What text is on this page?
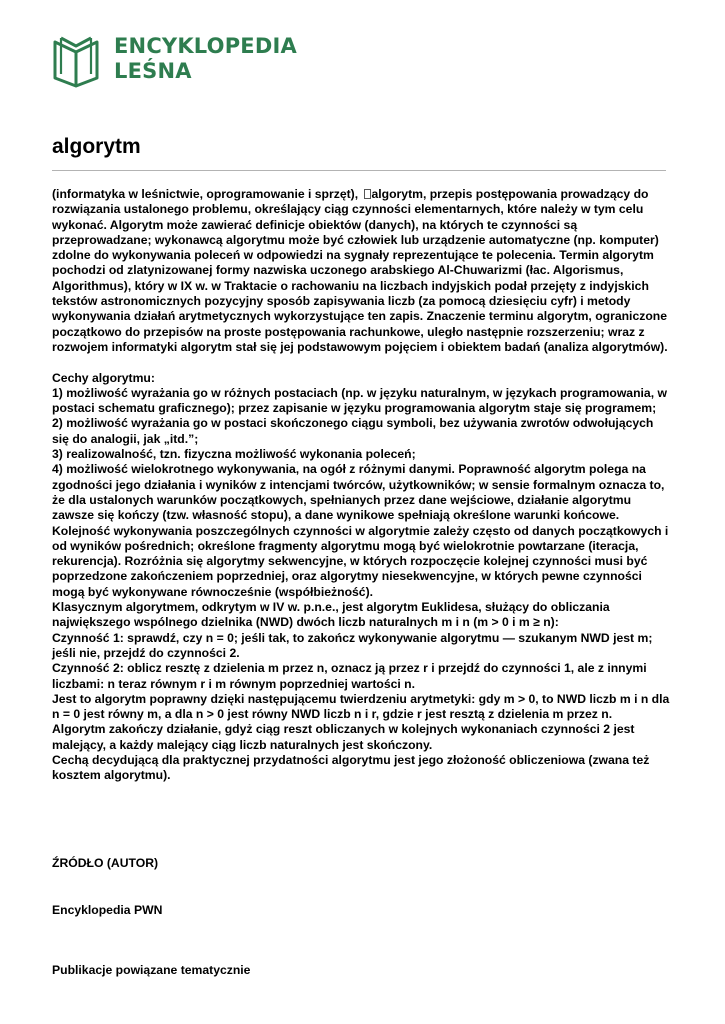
ENCYKLOPEDIA
LEŚNA
algorytm

(informatyka w leśnictwie, oprogramowanie i sprzęt), algorytm, przepis postępowania prowadzący do rozwiązania ustalonego problemu, określający ciąg czynności elementarnych, które należy w tym celu wykonać. Algorytm może zawierać definicje obiektów (danych), na których te czynności są przeprowadzane; wykonawcą algorytmu może być człowiek lub urządzenie automatyczne (np. komputer) zdolne do wykonywania poleceń w odpowiedzi na sygnały reprezentujące te polecenia. Termin algorytm pochodzi od zlatynizowanej formy nazwiska uczonego arabskiego Al-Chuwarizmi (łac. Algorismus, Algorithmus), który w IX w. w Traktacie o rachowaniu na liczbach indyjskich podał przejęty z indyjskich tekstów astronomicznych pozycyjny sposób zapisywania liczb (za pomocą dziesięciu cyfr) i metody wykonywania działań arytmetycznych wykorzystujące ten zapis. Znaczenie terminu algorytm, ograniczone początkowo do przepisów na proste postępowania rachunkowe, uległo następnie rozszerzeniu; wraz z rozwojem informatyki algorytm stał się jej podstawowym pojęciem i obiektem badań (analiza algorytmów).

Cechy algorytmu:

1) możliwość wyrażania go w różnych postaciach (np. w języku naturalnym, w językach programowania, w postaci schematu graficznego); przez zapisanie w języku programowania algorytm staje się programem;

2) możliwość wyrażania go w postaci skończonego ciągu symboli, bez używania zwrotów odwołujących się do analogii, jak „itd.”;

3) realizowalność, tzn. fizyczna możliwość wykonania poleceń;

4) możliwość wielokrotnego wykonywania, na ogół z różnymi danymi. Poprawność algorytm polega na zgodności jego działania i wyników z intencjami twórców, użytkowników; w sensie formalnym oznacza to, że dla ustalonych warunków początkowych, spełnianych przez dane wejściowe, działanie algorytmu zawsze się kończy (tzw. własność stopu), a dane wynikowe spełniają określone warunki końcowe.

Kolejność wykonywania poszczególnych czynności w algorytmie zależy często od danych początkowych i od wyników pośrednich; określone fragmenty algorytmu mogą być wielokrotnie powtarzane (iteracja, rekurencja). Rozróżnia się algorytmy sekwencyjne, w których rozpoczęcie kolejnej czynności musi być poprzedzone zakończeniem poprzedniej, oraz algorytmy niesekwencyjne, w których pewne czynności mogą być wykonywane równocześnie (współbieżność).

Klasycznym algorytmem, odkrytym w IV w. p.n.e., jest algorytm Euklidesa, służący do obliczania największego wspólnego dzielnika (NWD) dwóch liczb naturalnych m i n (m > 0 i m ≥ n):

Czynność 1: sprawdź, czy n = 0; jeśli tak, to zakończ wykonywanie algorytmu — szukanym NWD jest m; jeśli nie, przejdź do czynności 2.

Czynność 2: oblicz resztę z dzielenia m przez n, oznacz ją przez r i przejdź do czynności 1, ale z innymi liczbami: n teraz równym r i m równym poprzedniej wartości n.

Jest to algorytm poprawny dzięki następującemu twierdzeniu arytmetyki: gdy m > 0, to NWD liczb m i n dla n = 0 jest równy m, a dla n > 0 jest równy NWD liczb n i r, gdzie r jest resztą z dzielenia m przez n.

Algorytm zakończy działanie, gdyż ciąg reszt obliczanych w kolejnych wykonaniach czynności 2 jest malejący, a każdy malejący ciąg liczb naturalnych jest skończony.

Cechą decydującą dla praktycznej przydatności algorytmu jest jego złożoność obliczeniowa (zwana też kosztem algorytmu).

ŹRÓDŁO (AUTOR)

Encyklopedia PWN

Publikacje powiązane tematycznie
